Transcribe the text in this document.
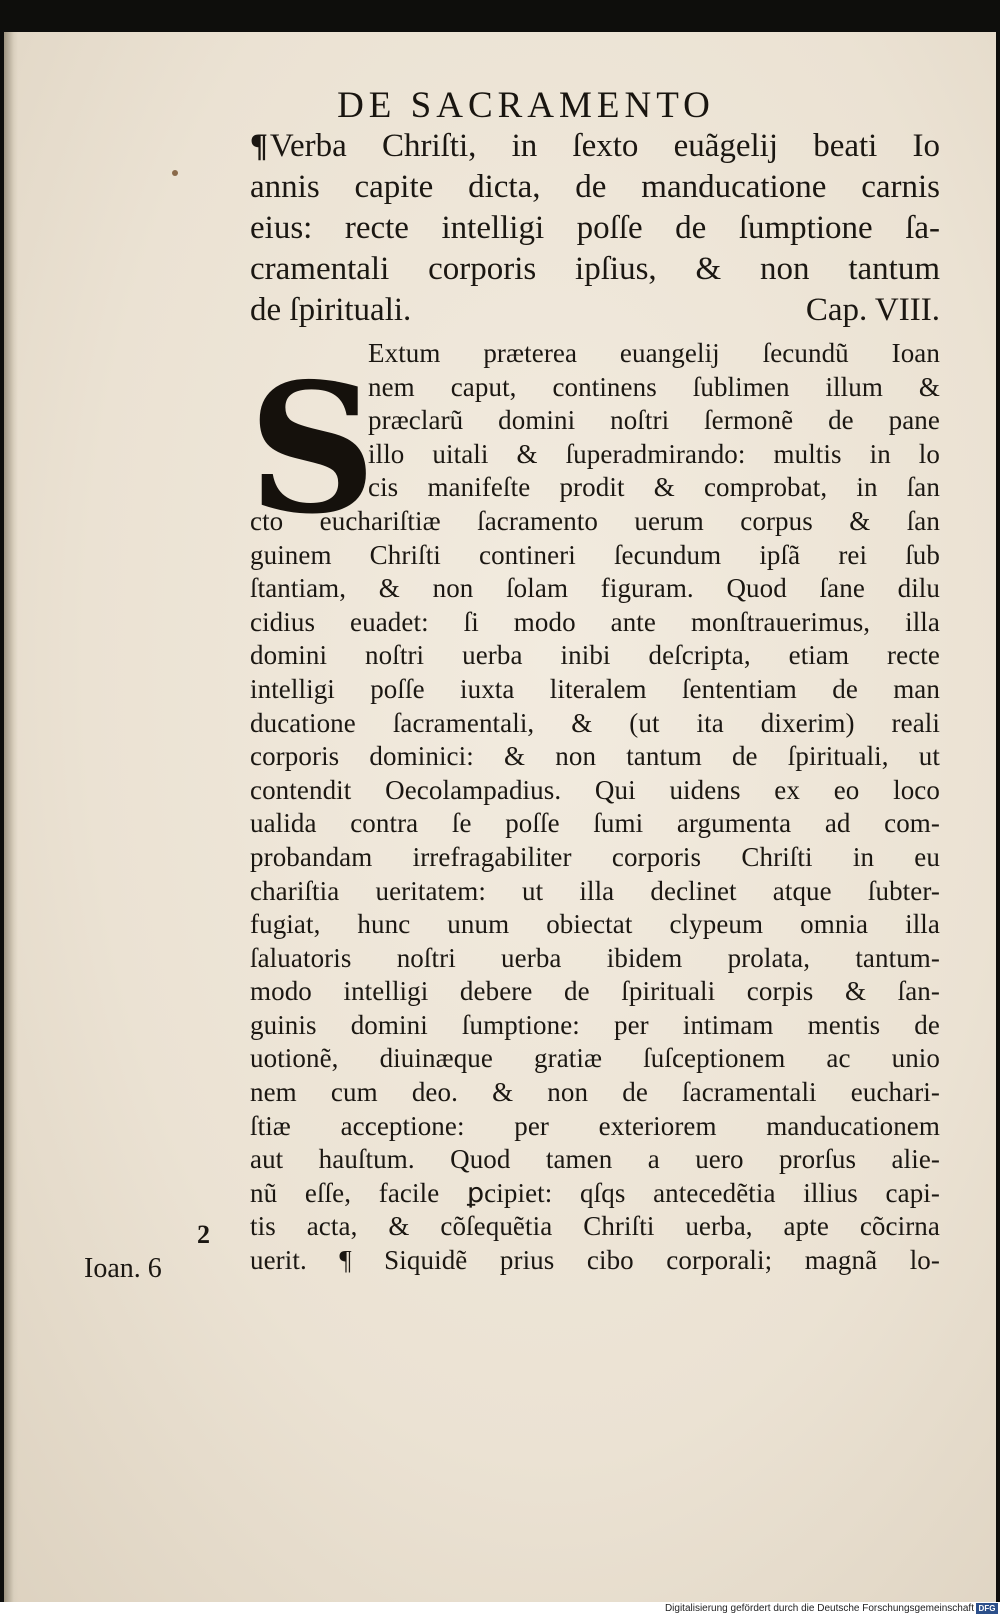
DE SACRAMENTO
S
¶Verba Chriſti, in ſexto euãgelij beati Io
annis capite dicta, de manducatione carnis
eius: recte intelligi poſſe de ſumptione ſa-
cramentali corporis ipſius, & non tantum
de ſpirituali.	Cap. VIII.
Extum præterea euangelij ſecundũ Ioan
nem caput, continens ſublimen illum &
præclarũ domini noſtri ſermonẽ de pane
illo uitali & ſuperadmirando: multis in lo
cis manifeſte prodit & comprobat, in ſan
cto euchariſtiæ ſacramento uerum corpus & ſan
guinem Chriſti contineri ſecundum ipſã rei ſub
ſtantiam, & non ſolam figuram. Quod ſane dilu
cidius euadet: ſi modo ante monſtrauerimus, illa
domini noſtri uerba inibi deſcripta, etiam recte
intelligi poſſe iuxta literalem ſententiam de man
ducatione ſacramentali, & (ut ita dixerim) reali
corporis dominici: & non tantum de ſpirituali, ut
contendit Oecolampadius. Qui uidens ex eo loco
ualida contra ſe poſſe ſumi argumenta ad com-
probandam irrefragabiliter corporis Chriſti in eu
chariſtia ueritatem: ut illa declinet atque ſubter-
fugiat, hunc unum obiectat clypeum omnia illa
ſaluatoris noſtri uerba ibidem prolata, tantum-
modo intelligi debere de ſpirituali corpis & ſan-
guinis domini ſumptione: per intimam mentis de
uotionẽ, diuinæque gratiæ ſuſceptionem ac unio
nem cum deo. & non de ſacramentali euchari-
ſtiæ acceptione: per exteriorem manducationem
aut hauſtum. Quod tamen a uero prorſus alie-
nũ eſſe, facile ꝑcipiet: qſqs antecedẽtia illius capi-
tis acta, & cõſequẽtia Chriſti uerba, apte cõcirna
uerit. ¶ Siquidẽ prius cibo corporali; magnã lo-
2
Ioan. 6
Digitalisierung gefördert durch die Deutsche Forschungsgemeinschaft DFG
